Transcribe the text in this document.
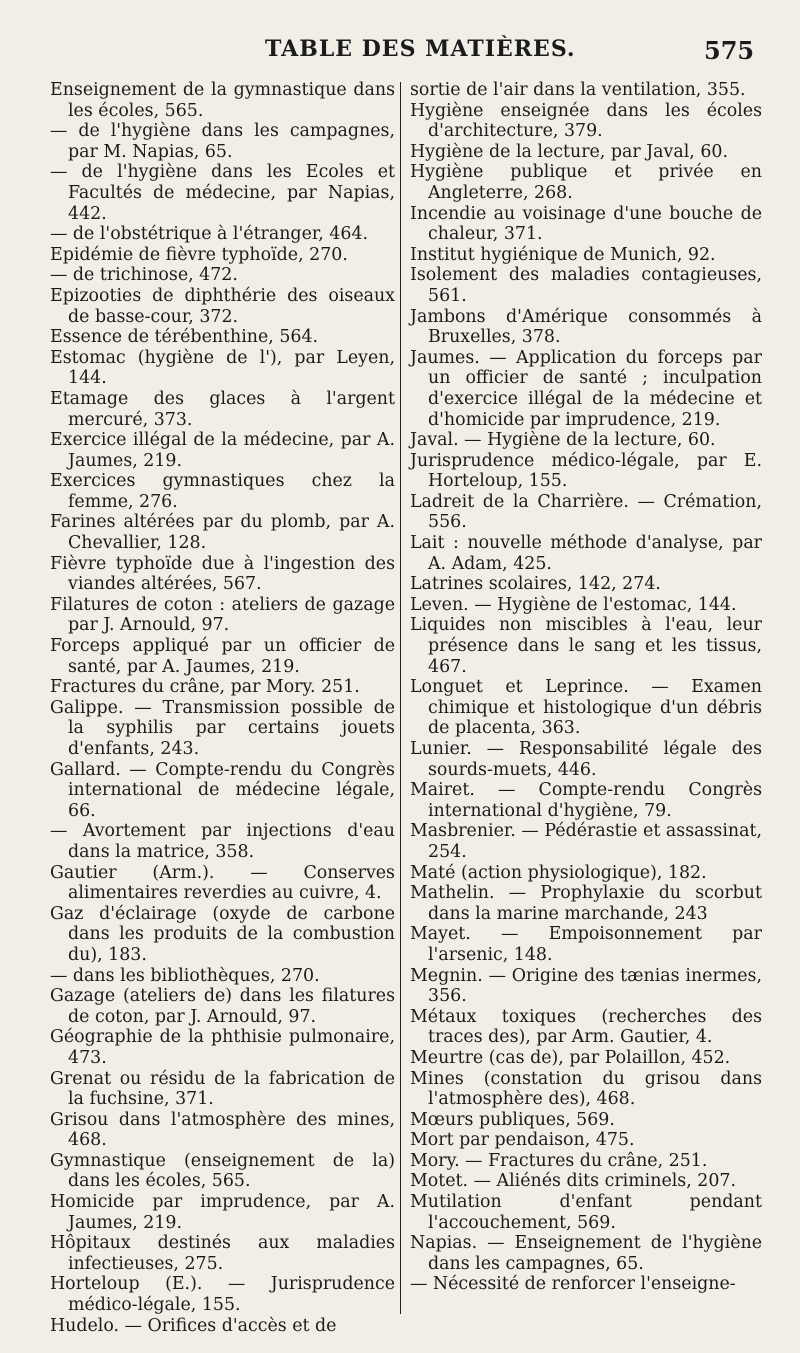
TABLE DES MATIÈRES.	575
Enseignement de la gymnastique dans les écoles, 565.
— de l'hygiène dans les campagnes, par M. Napias, 65.
— de l'hygiène dans les Ecoles et Facultés de médecine, par Napias, 442.
— de l'obstétrique à l'étranger, 464.
Epidémie de fièvre typhoïde, 270.
— de trichinose, 472.
Epizooties de diphthérie des oiseaux de basse-cour, 372.
Essence de térébenthine, 564.
Estomac (hygiène de l'), par Leyen, 144.
Etamage des glaces à l'argent mercuré, 373.
Exercice illégal de la médecine, par A. Jaumes, 219.
Exercices gymnastiques chez la femme, 276.
Farines altérées par du plomb, par A. Chevallier, 128.
Fièvre typhoïde due à l'ingestion des viandes altérées, 567.
Filatures de coton : ateliers de gazage par J. Arnould, 97.
Forceps appliqué par un officier de santé, par A. Jaumes, 219.
Fractures du crâne, par Mory. 251.
Galippe. — Transmission possible de la syphilis par certains jouets d'enfants, 243.
Gallard. — Compte-rendu du Congrès international de médecine légale, 66.
— Avortement par injections d'eau dans la matrice, 358.
Gautier (Arm.). — Conserves alimentaires reverdies au cuivre, 4.
Gaz d'éclairage (oxyde de carbone dans les produits de la combustion du), 183.
— dans les bibliothèques, 270.
Gazage (ateliers de) dans les filatures de coton, par J. Arnould, 97.
Géographie de la phthisie pulmonaire, 473.
Grenat ou résidu de la fabrication de la fuchsine, 371.
Grisou dans l'atmosphère des mines, 468.
Gymnastique (enseignement de la) dans les écoles, 565.
Homicide par imprudence, par A. Jaumes, 219.
Hôpitaux destinés aux maladies infectieuses, 275.
Horteloup (E.). — Jurisprudence médico-légale, 155.
Hudelo. — Orifices d'accès et de
sortie de l'air dans la ventilation, 355.
Hygiène enseignée dans les écoles d'architecture, 379.
Hygiène de la lecture, par Javal, 60.
Hygiène publique et privée en Angleterre, 268.
Incendie au voisinage d'une bouche de chaleur, 371.
Institut hygiénique de Munich, 92.
Isolement des maladies contagieuses, 561.
Jambons d'Amérique consommés à Bruxelles, 378.
Jaumes. — Application du forceps par un officier de santé ; inculpation d'exercice illégal de la médecine et d'homicide par imprudence, 219.
Javal. — Hygiène de la lecture, 60.
Jurisprudence médico-légale, par E. Horteloup, 155.
Ladreit de la Charrière. — Crémation, 556.
Lait : nouvelle méthode d'analyse, par A. Adam, 425.
Latrines scolaires, 142, 274.
Leven. — Hygiène de l'estomac, 144.
Liquides non miscibles à l'eau, leur présence dans le sang et les tissus, 467.
Longuet et Leprince. — Examen chimique et histologique d'un débris de placenta, 363.
Lunier. — Responsabilité légale des sourds-muets, 446.
Mairet. — Compte-rendu Congrès international d'hygiène, 79.
Masbrenier. — Pédérastie et assassinat, 254.
Maté (action physiologique), 182.
Mathelin. — Prophylaxie du scorbut dans la marine marchande, 243
Mayet. — Empoisonnement par l'arsenic, 148.
Megnin. — Origine des tænias inermes, 356.
Métaux toxiques (recherches des traces des), par Arm. Gautier, 4.
Meurtre (cas de), par Polaillon, 452.
Mines (constation du grisou dans l'atmosphère des), 468.
Mœurs publiques, 569.
Mort par pendaison, 475.
Mory. — Fractures du crâne, 251.
Motet. — Aliénés dits criminels, 207.
Mutilation d'enfant pendant l'accouchement, 569.
Napias. — Enseignement de l'hygiène dans les campagnes, 65.
— Nécessité de renforcer l'enseigne-
